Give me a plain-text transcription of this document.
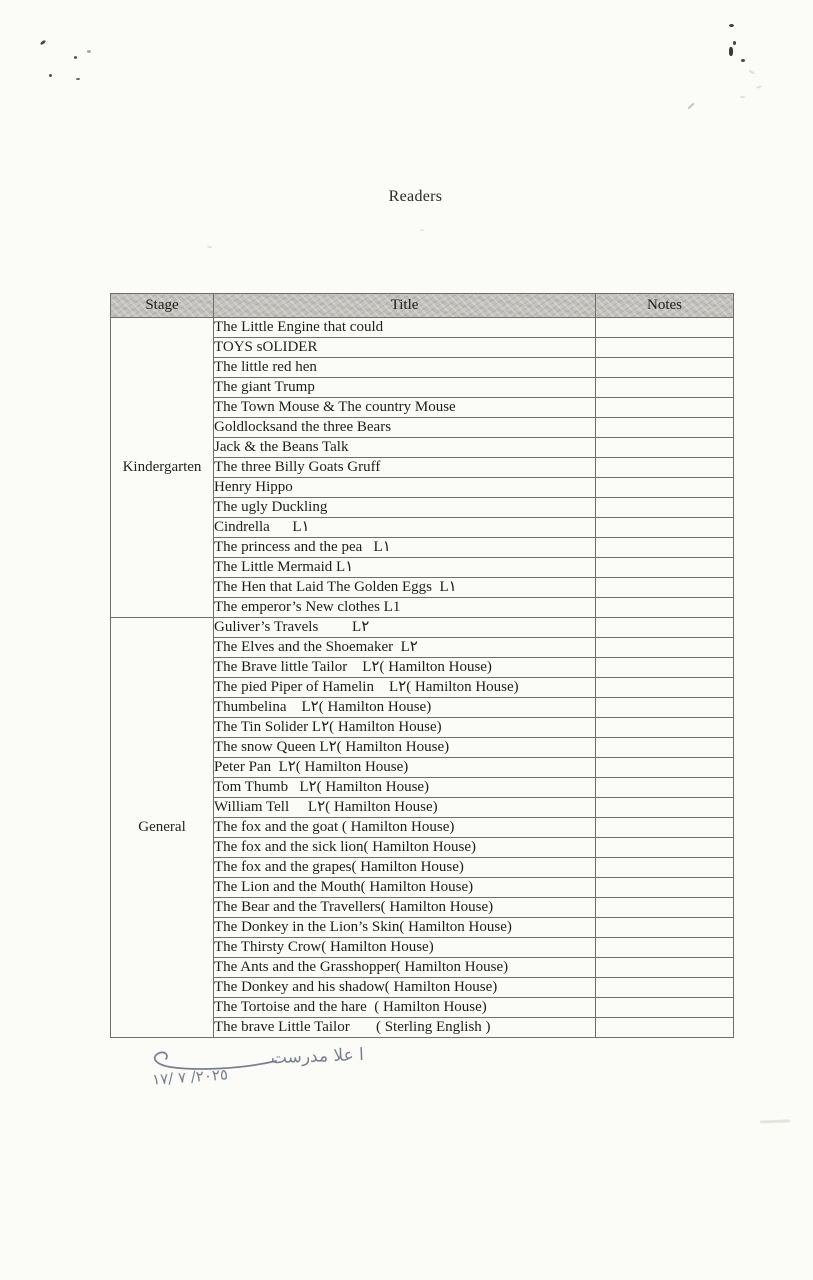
Readers
Stage	Title	Notes
Kindergarten	The Little Engine that could	
	TOYS sOLIDER	
	The little red hen	
	The giant Trump	
	The Town Mouse & The country Mouse	
	Goldlocksand the three Bears	
	Jack & the Beans Talk	
	The three Billy Goats Gruff	
	Henry Hippo	
	The ugly Duckling	
	Cindrella      L١	
	The princess and the pea   L١	
	The Little Mermaid L١	
	The Hen that Laid The Golden Eggs  L١	
	The emperor’s New clothes L1	
General	Guliver’s Travels         L٢	
	The Elves and the Shoemaker  L٢	
	The Brave little Tailor    L٢( Hamilton House)	
	The pied Piper of Hamelin    L٢( Hamilton House)	
	Thumbelina    L٢( Hamilton House)	
	The Tin Solider L٢( Hamilton House)	
	The snow Queen L٢( Hamilton House)	
	Peter Pan  L٢( Hamilton House)	
	Tom Thumb   L٢( Hamilton House)	
	William Tell     L٢( Hamilton House)	
	The fox and the goat ( Hamilton House)	
	The fox and the sick lion( Hamilton House)	
	The fox and the grapes( Hamilton House)	
	The Lion and the Mouth( Hamilton House)	
	The Bear and the Travellers( Hamilton House)	
	The Donkey in the Lion’s Skin( Hamilton House)	
	The Thirsty Crow( Hamilton House)	
	The Ants and the Grasshopper( Hamilton House)	
	The Donkey and his shadow( Hamilton House)	
	The Tortoise and the hare  ( Hamilton House)	
	The brave Little Tailor       ( Sterling English )	
ا علا مدرست
٢٠٢٥/ ٧ /١٧
